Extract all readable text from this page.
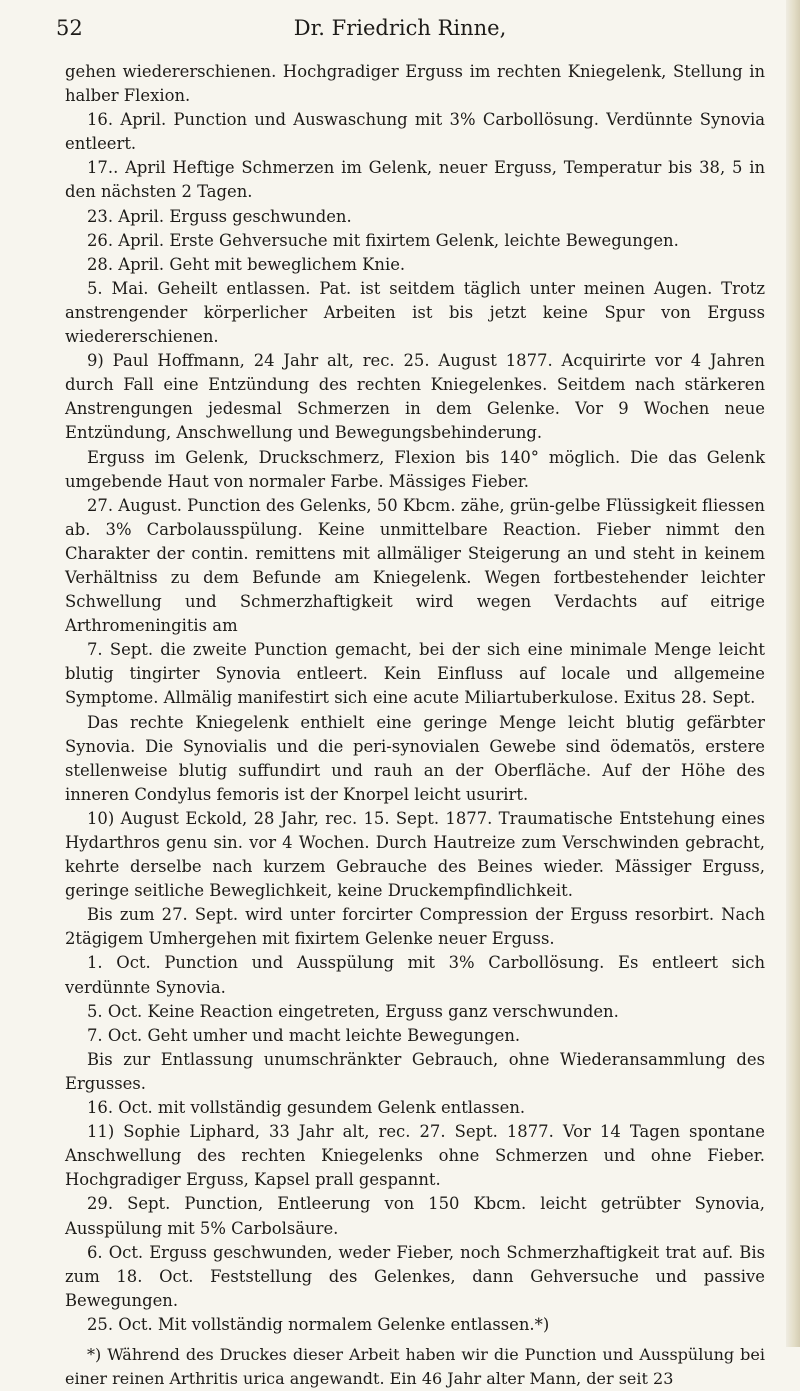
52	Dr. Friedrich Rinne,

gehen wiedererschienen. Hochgradiger Erguss im rechten Kniegelenk, Stellung in halber Flexion.

16. April. Punction und Auswaschung mit 3% Carbollösung. Verdünnte Synovia entleert.

17.. April Heftige Schmerzen im Gelenk, neuer Erguss, Temperatur bis 38, 5 in den nächsten 2 Tagen.

23. April. Erguss geschwunden.

26. April. Erste Gehversuche mit fixirtem Gelenk, leichte Bewegungen.

28. April. Geht mit beweglichem Knie.

5. Mai. Geheilt entlassen. Pat. ist seitdem täglich unter meinen Augen. Trotz anstrengender körperlicher Arbeiten ist bis jetzt keine Spur von Erguss wiedererschienen.

9) Paul Hoffmann, 24 Jahr alt, rec. 25. August 1877. Acquirirte vor 4 Jahren durch Fall eine Entzündung des rechten Kniegelenkes. Seitdem nach stärkeren Anstrengungen jedesmal Schmerzen in dem Gelenke. Vor 9 Wochen neue Entzündung, Anschwellung und Bewegungsbehinderung.

Erguss im Gelenk, Druckschmerz, Flexion bis 140° möglich. Die das Gelenk umgebende Haut von normaler Farbe. Mässiges Fieber.

27. August. Punction des Gelenks, 50 Kbcm. zähe, grün-gelbe Flüssigkeit fliessen ab. 3% Carbolausspülung. Keine unmittelbare Reaction. Fieber nimmt den Charakter der contin. remittens mit allmäliger Steigerung an und steht in keinem Verhältniss zu dem Befunde am Kniegelenk. Wegen fortbestehender leichter Schwellung und Schmerzhaftigkeit wird wegen Verdachts auf eitrige Arthromeningitis am

7. Sept. die zweite Punction gemacht, bei der sich eine minimale Menge leicht blutig tingirter Synovia entleert. Kein Einfluss auf locale und allgemeine Symptome. Allmälig manifestirt sich eine acute Miliartuberkulose. Exitus 28. Sept.

Das rechte Kniegelenk enthielt eine geringe Menge leicht blutig gefärbter Synovia. Die Synovialis und die peri-synovialen Gewebe sind ödematös, erstere stellenweise blutig suffundirt und rauh an der Oberfläche. Auf der Höhe des inneren Condylus femoris ist der Knorpel leicht usurirt.

10) August Eckold, 28 Jahr, rec. 15. Sept. 1877. Traumatische Entstehung eines Hydarthros genu sin. vor 4 Wochen. Durch Hautreize zum Verschwinden gebracht, kehrte derselbe nach kurzem Gebrauche des Beines wieder. Mässiger Erguss, geringe seitliche Beweglichkeit, keine Druckempfindlichkeit.

Bis zum 27. Sept. wird unter forcirter Compression der Erguss resorbirt. Nach 2tägigem Umhergehen mit fixirtem Gelenke neuer Erguss.

1. Oct. Punction und Ausspülung mit 3% Carbollösung. Es entleert sich verdünnte Synovia.

5. Oct. Keine Reaction eingetreten, Erguss ganz verschwunden.

7. Oct. Geht umher und macht leichte Bewegungen.

Bis zur Entlassung unumschränkter Gebrauch, ohne Wiederansammlung des Ergusses.

16. Oct. mit vollständig gesundem Gelenk entlassen.

11) Sophie Liphard, 33 Jahr alt, rec. 27. Sept. 1877. Vor 14 Tagen spontane Anschwellung des rechten Kniegelenks ohne Schmerzen und ohne Fieber. Hochgradiger Erguss, Kapsel prall gespannt.

29. Sept. Punction, Entleerung von 150 Kbcm. leicht getrübter Synovia, Ausspülung mit 5% Carbolsäure.

6. Oct. Erguss geschwunden, weder Fieber, noch Schmerzhaftigkeit trat auf. Bis zum 18. Oct. Feststellung des Gelenkes, dann Gehversuche und passive Bewegungen.

25. Oct. Mit vollständig normalem Gelenke entlassen.*)

*) Während des Druckes dieser Arbeit haben wir die Punction und Ausspülung bei einer reinen Arthritis urica angewandt. Ein 46 Jahr alter Mann, der seit 23
